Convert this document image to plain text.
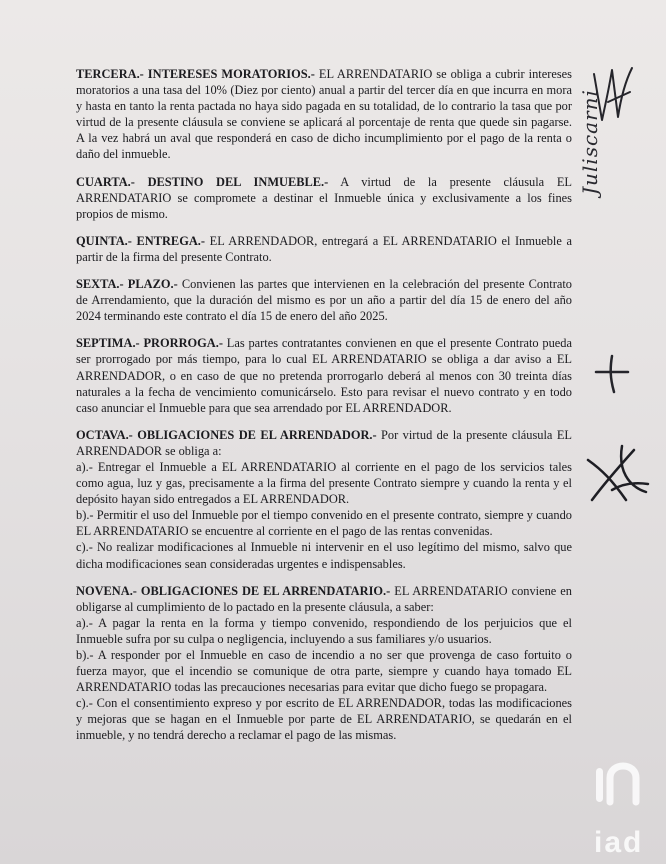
TERCERA.- INTERESES MORATORIOS.- EL ARRENDATARIO se obliga a cubrir intereses moratorios a una tasa del 10% (Diez por ciento) anual a partir del tercer día en que incurra en mora y hasta en tanto la renta pactada no haya sido pagada en su totalidad, de lo contrario la tasa que por virtud de la presente cláusula se conviene se aplicará al porcentaje de renta que quede sin pagarse. A la vez habrá un aval que responderá en caso de dicho incumplimiento por el pago de la renta o daño del inmueble.

CUARTA.- DESTINO DEL INMUEBLE.- A virtud de la presente cláusula EL ARRENDATARIO se compromete a destinar el Inmueble única y exclusivamente a los fines propios de mismo.

QUINTA.- ENTREGA.- EL ARRENDADOR, entregará a EL ARRENDATARIO el Inmueble a partir de la firma del presente Contrato.

SEXTA.- PLAZO.- Convienen las partes que intervienen en la celebración del presente Contrato de Arrendamiento, que la duración del mismo es por un año a partir del día 15 de enero del año 2024 terminando este contrato el día 15 de enero del año 2025.

SEPTIMA.- PRORROGA.- Las partes contratantes convienen en que el presente Contrato pueda ser prorrogado por más tiempo, para lo cual EL ARRENDATARIO se obliga a dar aviso a EL ARRENDADOR, o en caso de que no pretenda prorrogarlo deberá al menos con 30 treinta días naturales a la fecha de vencimiento comunicárselo. Esto para revisar el nuevo contrato y en todo caso anunciar el Inmueble para que sea arrendado por EL ARRENDADOR.

OCTAVA.- OBLIGACIONES DE EL ARRENDADOR.- Por virtud de la presente cláusula EL ARRENDADOR se obliga a:

a).- Entregar el Inmueble a EL ARRENDATARIO al corriente en el pago de los servicios tales como agua, luz y gas, precisamente a la firma del presente Contrato siempre y cuando la renta y el depósito hayan sido entregados a EL ARRENDADOR.

b).- Permitir el uso del Inmueble por el tiempo convenido en el presente contrato, siempre y cuando EL ARRENDATARIO se encuentre al corriente en el pago de las rentas convenidas.

c).- No realizar modificaciones al Inmueble ni intervenir en el uso legítimo del mismo, salvo que dicha modificaciones sean consideradas urgentes e indispensables.

NOVENA.- OBLIGACIONES DE EL ARRENDATARIO.- EL ARRENDATARIO conviene en obligarse al cumplimiento de lo pactado en la presente cláusula, a saber:

a).- A pagar la renta en la forma y tiempo convenido, respondiendo de los perjuicios que el Inmueble sufra por su culpa o negligencia, incluyendo a sus familiares y/o usuarios.

b).- A responder por el Inmueble en caso de incendio a no ser que provenga de caso fortuito o fuerza mayor, que el incendio se comunique de otra parte, siempre y cuando haya tomado EL ARRENDATARIO todas las precauciones necesarias para evitar que dicho fuego se propagara.

c).- Con el consentimiento expreso y por escrito de EL ARRENDADOR, todas las modificaciones y mejoras que se hagan en el Inmueble por parte de EL ARRENDATARIO, se quedarán en el inmueble, y no tendrá derecho a reclamar el pago de las mismas.

Juliscarni
iad
